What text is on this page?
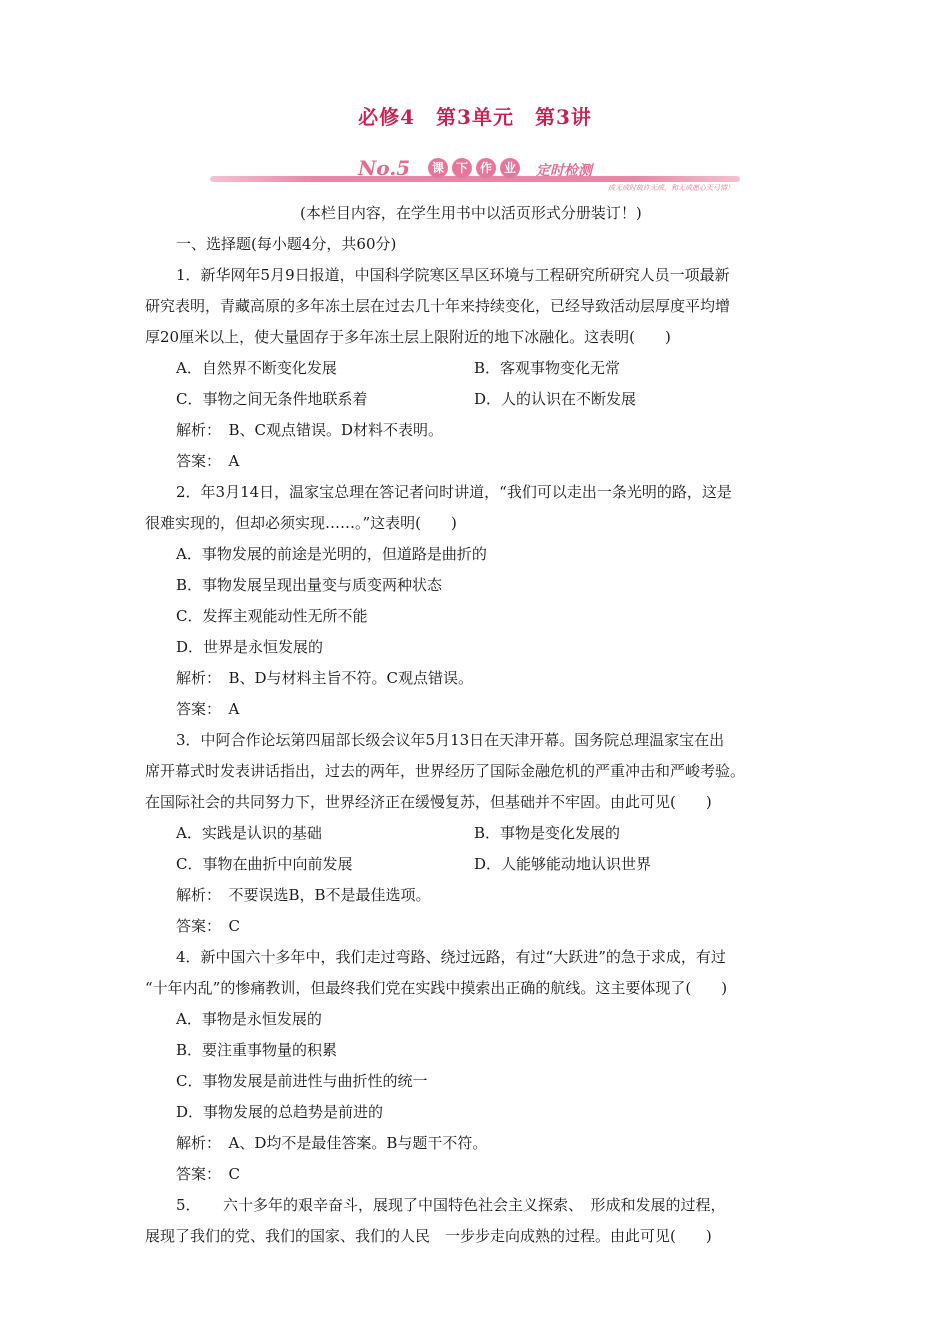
必修4　第3单元　第3讲
No.5	课 下 作 业 定时检测
成无成时故许无成，和无成愿心天弓情！
(本栏目内容，在学生用书中以活页形式分册装订！)
一、选择题(每小题4分，共60分)
1．新华网年5月9日报道，中国科学院寒区旱区环境与工程研究所研究人员一项最新
研究表明，青藏高原的多年冻土层在过去几十年来持续变化，已经导致活动层厚度平均增
厚20厘米以上，使大量固存于多年冻土层上限附近的地下冰融化。这表明(　　)
A．自然界不断变化发展	B．客观事物变化无常
C．事物之间无条件地联系着	D．人的认识在不断发展
解析：　B、C观点错误。D材料不表明。
答案：　A
2．年3月14日，温家宝总理在答记者问时讲道，“我们可以走出一条光明的路，这是
很难实现的，但却必须实现……。”这表明(　　)
A．事物发展的前途是光明的，但道路是曲折的
B．事物发展呈现出量变与质变两种状态
C．发挥主观能动性无所不能
D．世界是永恒发展的
解析：　B、D与材料主旨不符。C观点错误。
答案：　A
3．中阿合作论坛第四届部长级会议年5月13日在天津开幕。国务院总理温家宝在出
席开幕式时发表讲话指出，过去的两年，世界经历了国际金融危机的严重冲击和严峻考验。
在国际社会的共同努力下，世界经济正在缓慢复苏，但基础并不牢固。由此可见(　　)
A．实践是认识的基础	B．事物是变化发展的
C．事物在曲折中向前发展	D．人能够能动地认识世界
解析：　不要误选B，B不是最佳选项。
答案：　C
4．新中国六十多年中，我们走过弯路、绕过远路，有过“大跃进”的急于求成，有过
“十年内乱”的惨痛教训，但最终我们党在实践中摸索出正确的航线。这主要体现了(　　)
A．事物是永恒发展的
B．要注重事物量的积累
C．事物发展是前进性与曲折性的统一
D．事物发展的总趋势是前进的
解析：　A、D均不是最佳答案。B与题干不符。
答案：　C
5．　　六十多年的艰辛奋斗，展现了中国特色社会主义探索、　形成和发展的过程，
展现了我们的党、我们的国家、我们的人民　一步步走向成熟的过程。由此可见(　　)
